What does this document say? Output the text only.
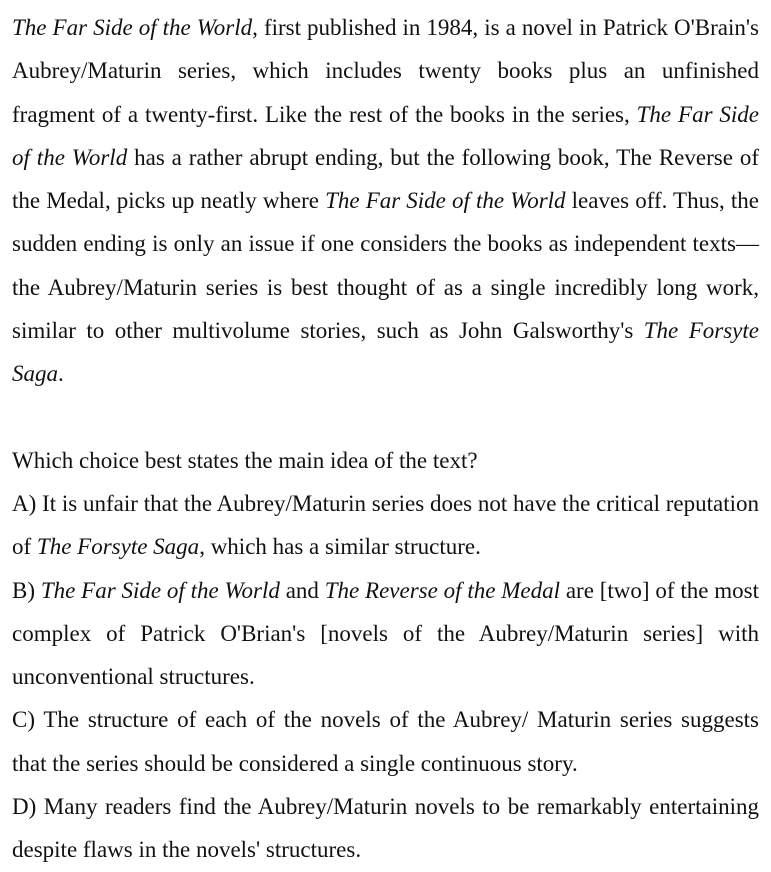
The Far Side of the World, first published in 1984, is a novel in Patrick O'Brain's Aubrey/Maturin series, which includes twenty books plus an unfinished fragment of a twenty-first. Like the rest of the books in the series, The Far Side of the World has a rather abrupt ending, but the following book, The Reverse of the Medal, picks up neatly where The Far Side of the World leaves off. Thus, the sudden ending is only an issue if one considers the books as independent texts—the Aubrey/Maturin series is best thought of as a single incredibly long work, similar to other multivolume stories, such as John Galsworthy's The Forsyte Saga.

Which choice best states the main idea of the text?

A) It is unfair that the Aubrey/Maturin series does not have the critical reputation of The Forsyte Saga, which has a similar structure.

B) The Far Side of the World and The Reverse of the Medal are [two] of the most complex of Patrick O'Brian's [novels of the Aubrey/Maturin series] with unconventional structures.

C) The structure of each of the novels of the Aubrey/ Maturin series suggests that the series should be considered a single continuous story.

D) Many readers find the Aubrey/Maturin novels to be remarkably entertaining despite flaws in the novels' structures.
